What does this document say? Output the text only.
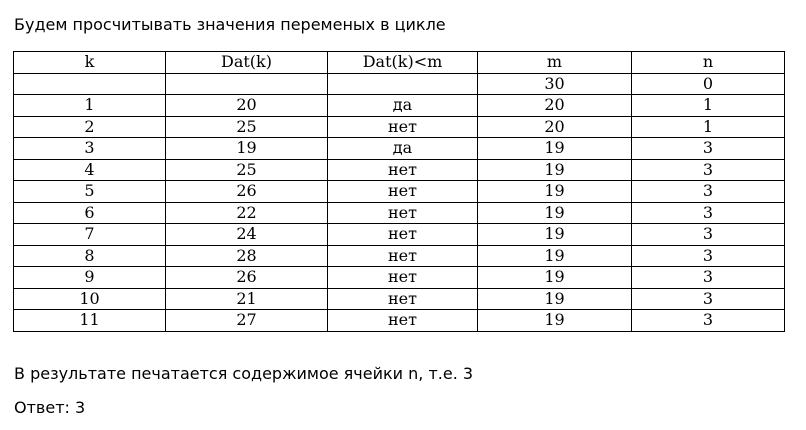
Будем просчитывать значения переменых в цикле
k	Dat(k)	Dat(k)<m	m	n
			30	0
1	20	да	20	1
2	25	нет	20	1
3	19	да	19	3
4	25	нет	19	3
5	26	нет	19	3
6	22	нет	19	3
7	24	нет	19	3
8	28	нет	19	3
9	26	нет	19	3
10	21	нет	19	3
11	27	нет	19	3
В результате печатается содержимое ячейки n, т.е. 3
Ответ: 3
